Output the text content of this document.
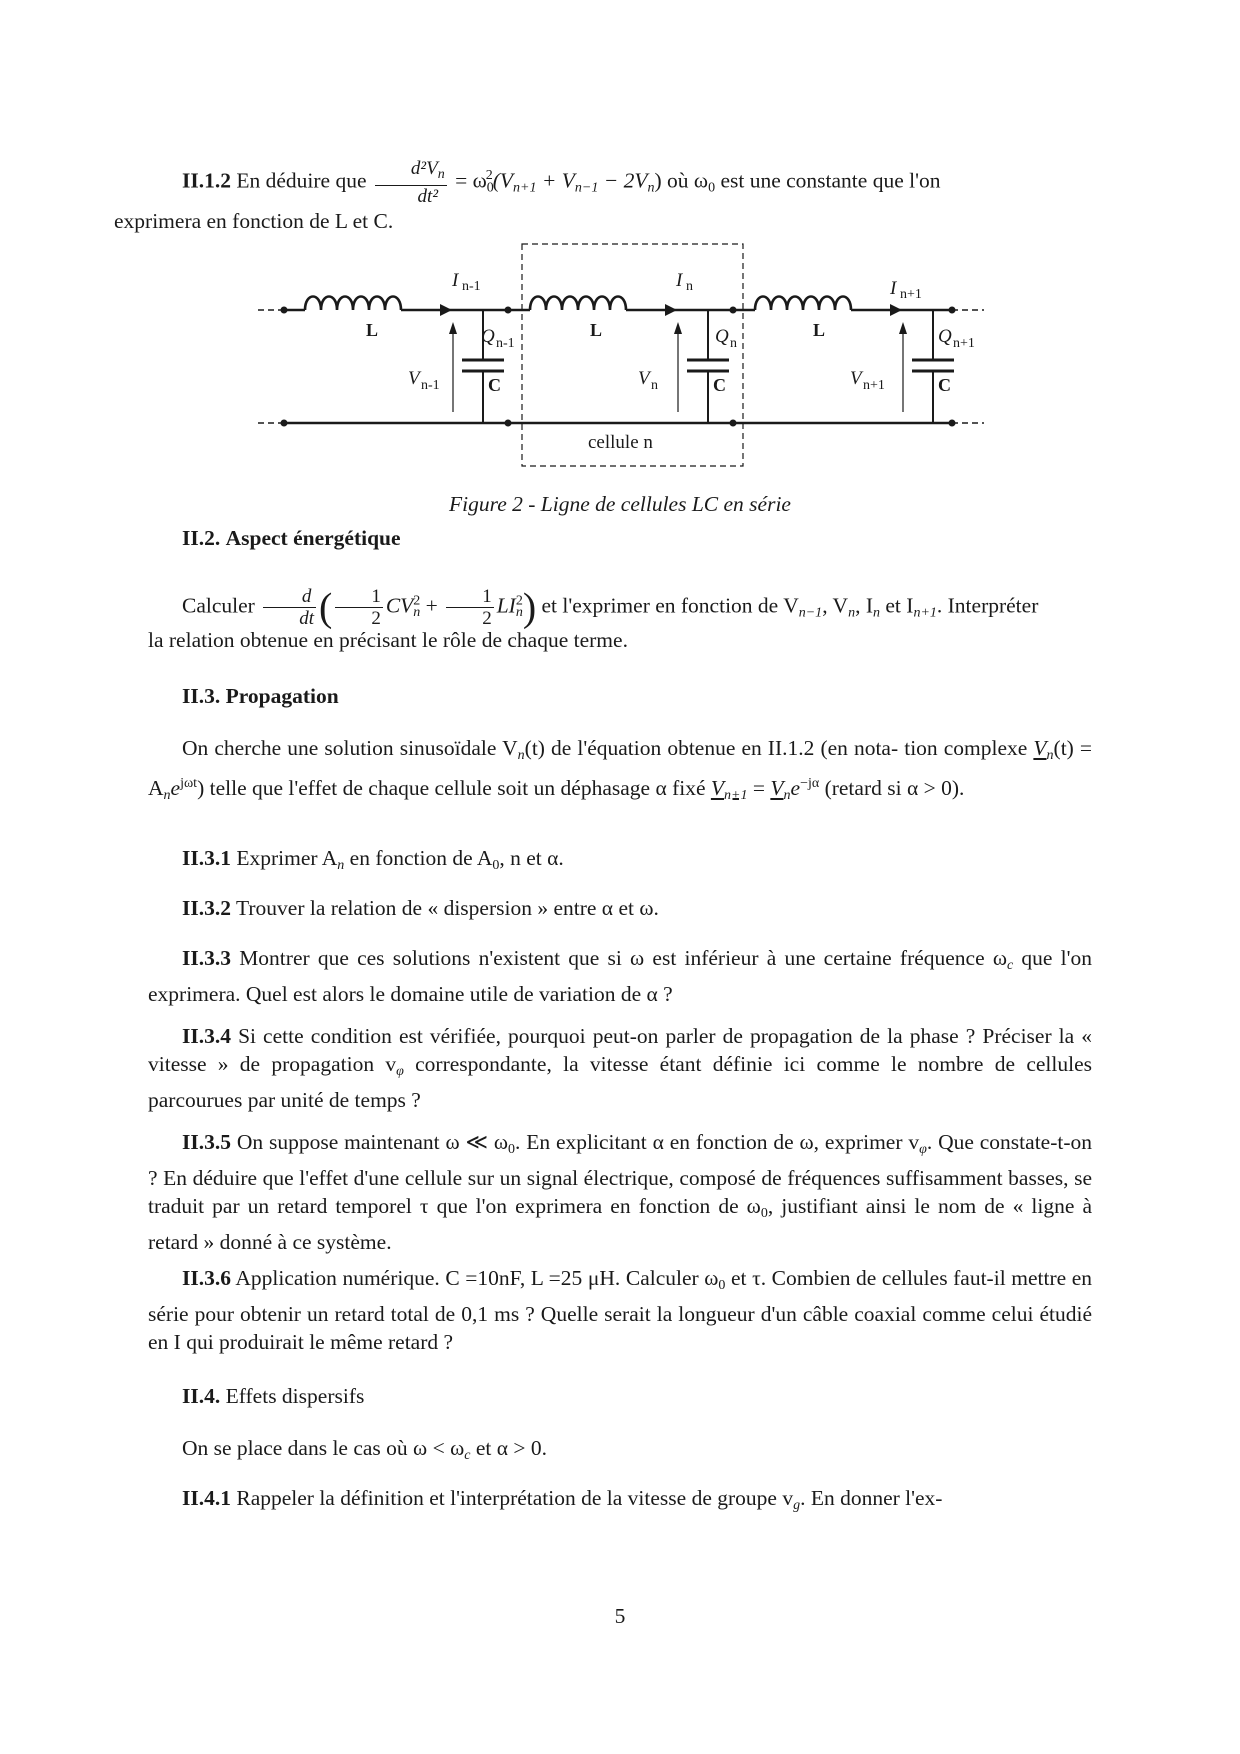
II.1.2 En déduire que $\frac{d^2V_n}{\text{dt²}} = \omega_0^2(Vn+1 + Vn-1 - 2Vn)$ où $\omega_0$ est une constante que l'on
exprimera en fonction de L et C.
L	L	L
C	C	C
I n-1	I n	I n+1
Q n-1	Q n	Q n+1
V n-1	V n	V n+1
cellule n
Figure 2 - Ligne de cellules LC en série
II.2. Aspect énergétique
Calculer $\frac{d}{dt}$ ( $\frac{1}{2} CV^2n + \frac{1}{2} LI^2n$) et l'exprimer en fonction de Vn−1, Vn, In et In+1. Interpréter
la relation obtenue en précisant le rôle de chaque terme.
II.3. Propagation
On cherche une solution sinusoïdale Vn(t) de l'équation obtenue en II.1.2 (en nota- tion complexe Vn(t) = Ane$^{j\omega t}$) telle que l'effet de chaque cellule soit un déphasage α fixé Vn+1 = Vne$^{-j\alpha}$ (retard si α > 0).
II.3.1 Exprimer An en fonction de $A_0$, n et α.
II.3.2 Trouver la relation de « dispersion » entre α et ω.
II.3.3 Montrer que ces solutions n'existent que si ω est inférieur à une certaine fréquence ωc que l'on exprimera. Quel est alors le domaine utile de variation de α ?
II.3.4 Si cette condition est vérifiée, pourquoi peut-on parler de propagation de la phase ? Préciser la « vitesse » de propagation vφ correspondante, la vitesse étant définie ici comme le nombre de cellules parcourues par unité de temps ?
II.3.5 On suppose maintenant ω ≪ $\omega_0$. En explicitant α en fonction de ω, exprimer vφ. Que constate-t-on ? En déduire que l'effet d'une cellule sur un signal électrique, composé de fréquences suffisamment basses, se traduit par un retard temporel τ que l'on exprimera en fonction de $\omega_0$, justifiant ainsi le nom de « ligne à retard » donné à ce système.
II.3.6 Application numérique. C =10nF, L =25 μH. Calculer $\omega_0$ et τ. Combien de cellules faut-il mettre en série pour obtenir un retard total de 0,1 ms ? Quelle serait la longueur d'un câble coaxial comme celui étudié en I qui produirait le même retard ?
II.4. Effets dispersifs
On se place dans le cas où ω < ωc et α > 0.
II.4.1 Rappeler la définition et l'interprétation de la vitesse de groupe vg. En donner l'ex-
5
